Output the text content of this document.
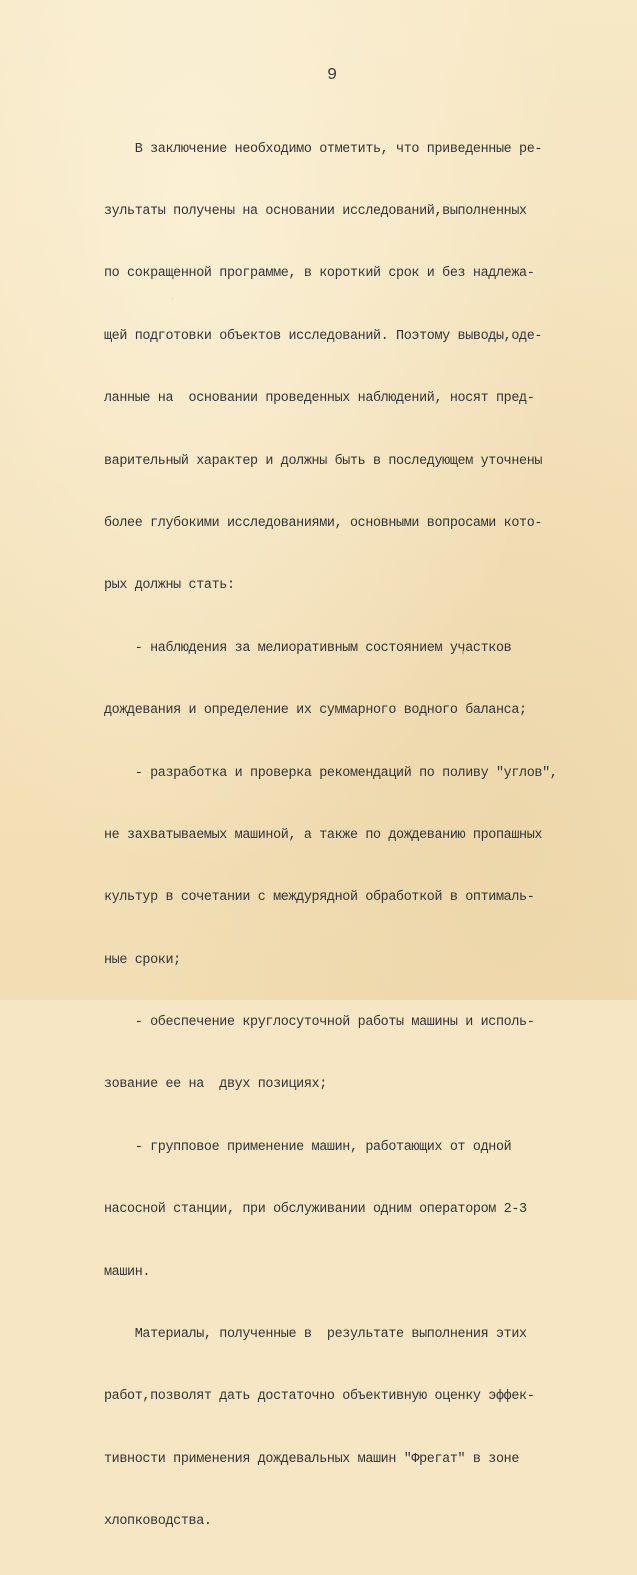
9

В заключение необходимо отметить, что приведенные ре-

зультаты получены на основании исследований,выполненных

по сокращенной программе, в короткий срок и без надлежа-

щей подготовки объектов исследований. Поэтому выводы,оде-

ланные на  основании проведенных наблюдений, носят пред-

варительный характер и должны быть в последующем уточнены

более глубокими исследованиями, основными вопросами кото-

рых должны стать:

- наблюдения за мелиоративным состоянием участков

дождевания и определение их суммарного водного баланса;

- разработка и проверка рекомендаций по поливу "углов",

не захватываемых машиной, а также по дождеванию пропашных

культур в сочетании с междурядной обработкой в оптималь-

ные сроки;

- обеспечение круглосуточной работы машины и исполь-

зование ее на  двух позициях;

- групповое применение машин, работающих от одной

насосной станции, при обслуживании одним оператором 2-3

машин.

Материалы, полученные в  результате выполнения этих

работ,позволят дать достаточно объективную оценку эффек-

тивности применения дождевальных машин "Фрегат" в зоне

хлопководства.
